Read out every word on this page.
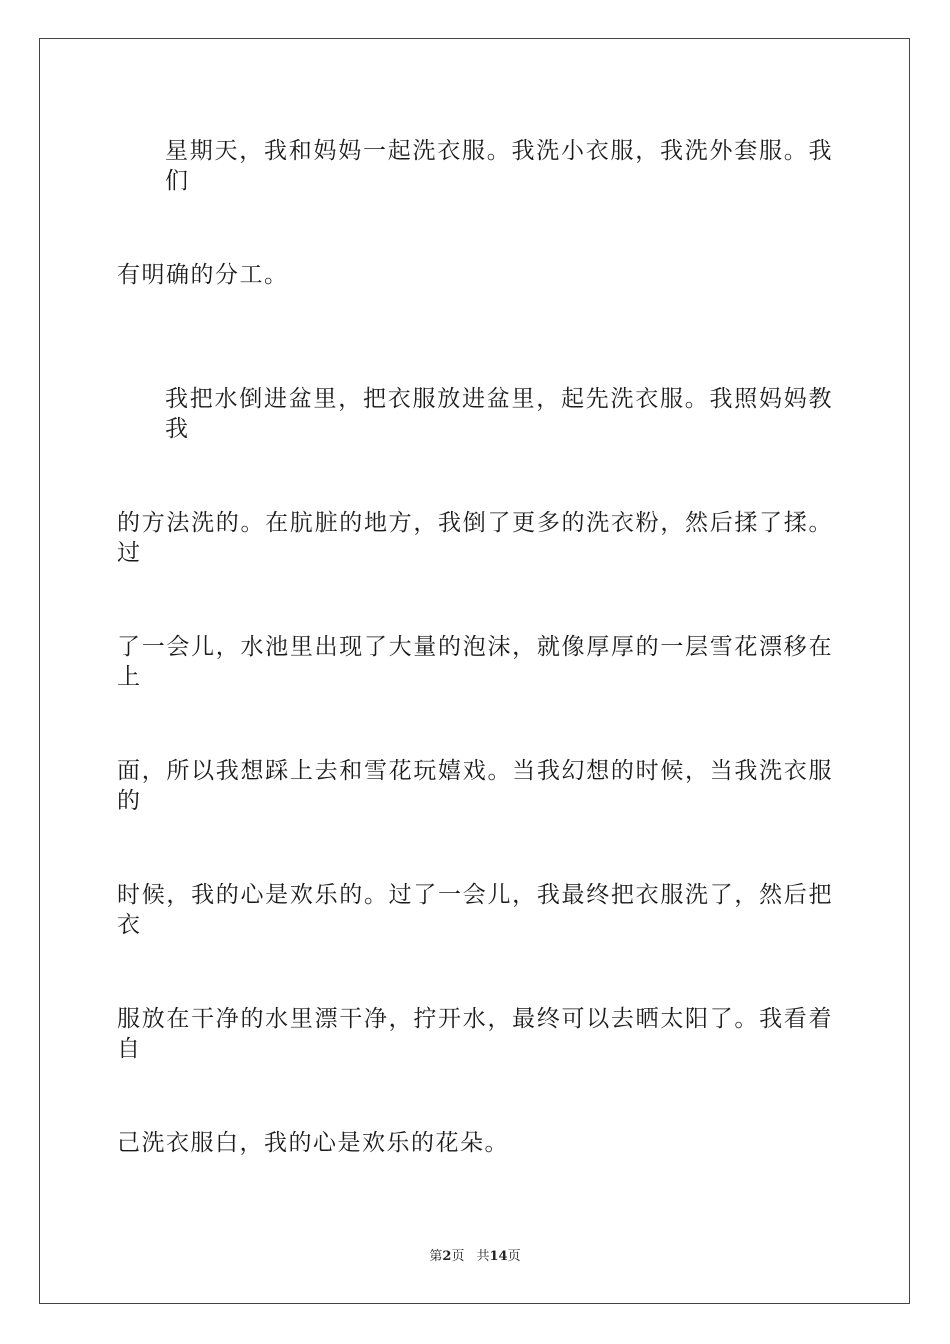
星期天，我和妈妈一起洗衣服。我洗小衣服，我洗外套服。我们
有明确的分工。
我把水倒进盆里，把衣服放进盆里，起先洗衣服。我照妈妈教我
的方法洗的。在肮脏的地方，我倒了更多的洗衣粉，然后揉了揉。过
了一会儿，水池里出现了大量的泡沫，就像厚厚的一层雪花漂移在上
面，所以我想踩上去和雪花玩嬉戏。当我幻想的时候，当我洗衣服的
时候，我的心是欢乐的。过了一会儿，我最终把衣服洗了，然后把衣
服放在干净的水里漂干净，拧开水，最终可以去晒太阳了。我看着自
己洗衣服白，我的心是欢乐的花朵。
第2页 共14页
